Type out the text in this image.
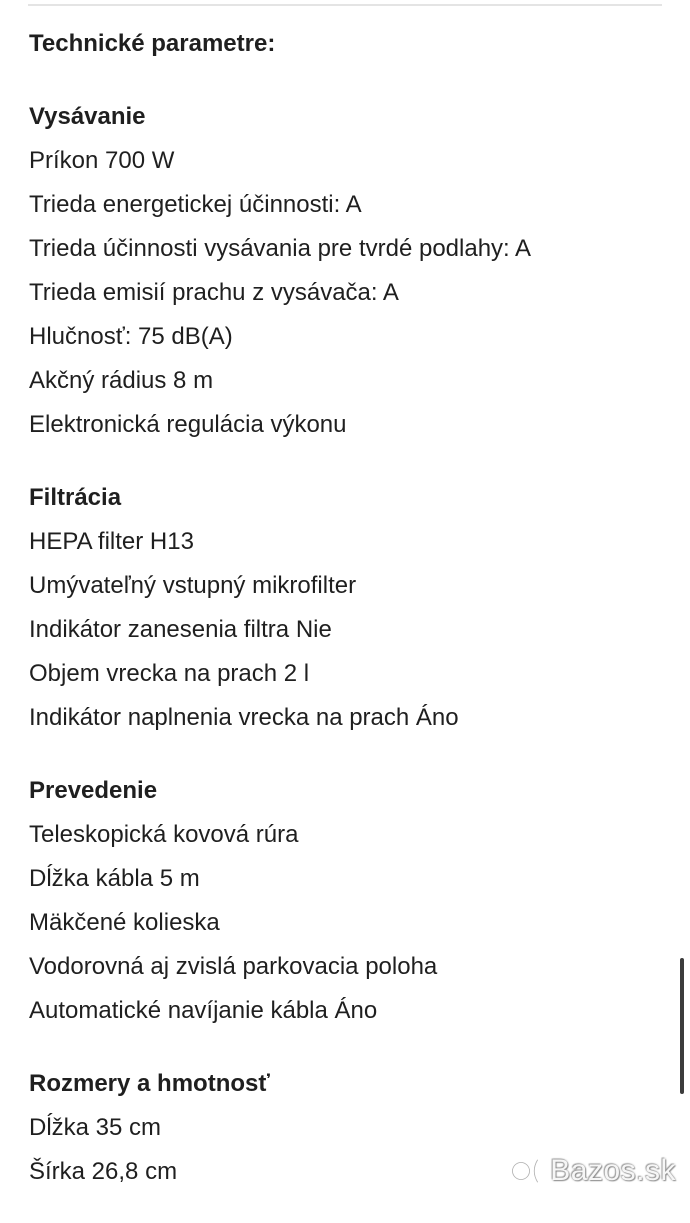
Technické parametre:
Vysávanie
Príkon 700 W
Trieda energetickej účinnosti: A
Trieda účinnosti vysávania pre tvrdé podlahy: A
Trieda emisií prachu z vysávača: A
Hlučnosť: 75 dB(A)
Akčný rádius 8 m
Elektronická regulácia výkonu
Filtrácia
HEPA filter H13
Umývateľný vstupný mikrofilter
Indikátor zanesenia filtra Nie
Objem vrecka na prach 2 l
Indikátor naplnenia vrecka na prach Áno
Prevedenie
Teleskopická kovová rúra
Dĺžka kábla 5 m
Mäkčené kolieska
Vodorovná aj zvislá parkovacia poloha
Automatické navíjanie kábla Áno
Rozmery a hmotnosť
Dĺžka 35 cm
Šírka 26,8 cm	Bazos.sk
